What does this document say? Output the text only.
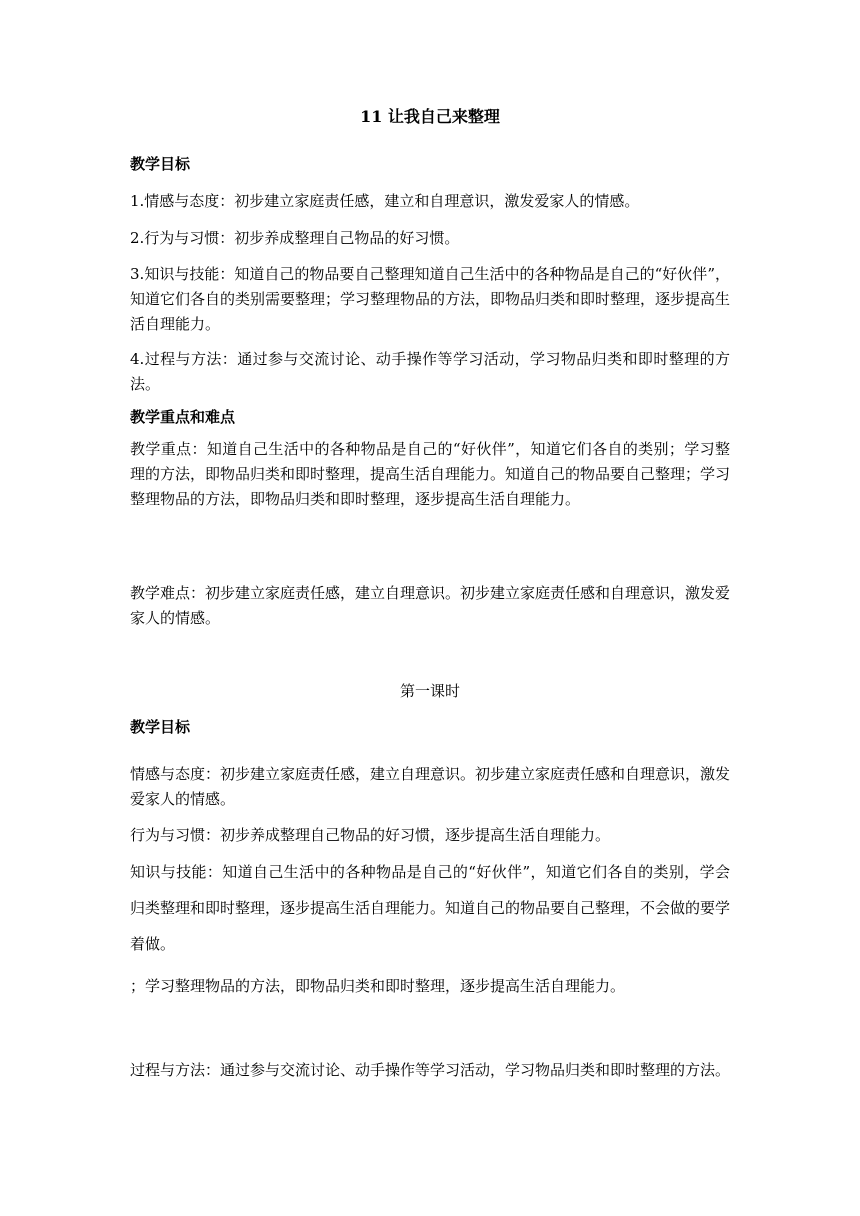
11 让我自己来整理

教学目标

1.情感与态度：初步建立家庭责任感，建立和自理意识，激发爱家人的情感。

2.行为与习惯：初步养成整理自己物品的好习惯。

3.知识与技能：知道自己的物品要自己整理知道自己生活中的各种物品是自己的“好伙伴”，知道它们各自的类别需要整理；学习整理物品的方法，即物品归类和即时整理，逐步提高生活自理能力。

4.过程与方法：通过参与交流讨论、动手操作等学习活动，学习物品归类和即时整理的方法。

教学重点和难点

教学重点：知道自己生活中的各种物品是自己的“好伙伴”，知道它们各自的类别；学习整理的方法，即物品归类和即时整理，提高生活自理能力。知道自己的物品要自己整理；学习整理物品的方法，即物品归类和即时整理，逐步提高生活自理能力。

教学难点：初步建立家庭责任感，建立自理意识。初步建立家庭责任感和自理意识，激发爱家人的情感。

第一课时

教学目标

情感与态度：初步建立家庭责任感，建立自理意识。初步建立家庭责任感和自理意识，激发爱家人的情感。

行为与习惯：初步养成整理自己物品的好习惯，逐步提高生活自理能力。

知识与技能：知道自己生活中的各种物品是自己的“好伙伴”，知道它们各自的类别，学会归类整理和即时整理，逐步提高生活自理能力。知道自己的物品要自己整理，不会做的要学着做。

；学习整理物品的方法，即物品归类和即时整理，逐步提高生活自理能力。

过程与方法：通过参与交流讨论、动手操作等学习活动，学习物品归类和即时整理的方法。
